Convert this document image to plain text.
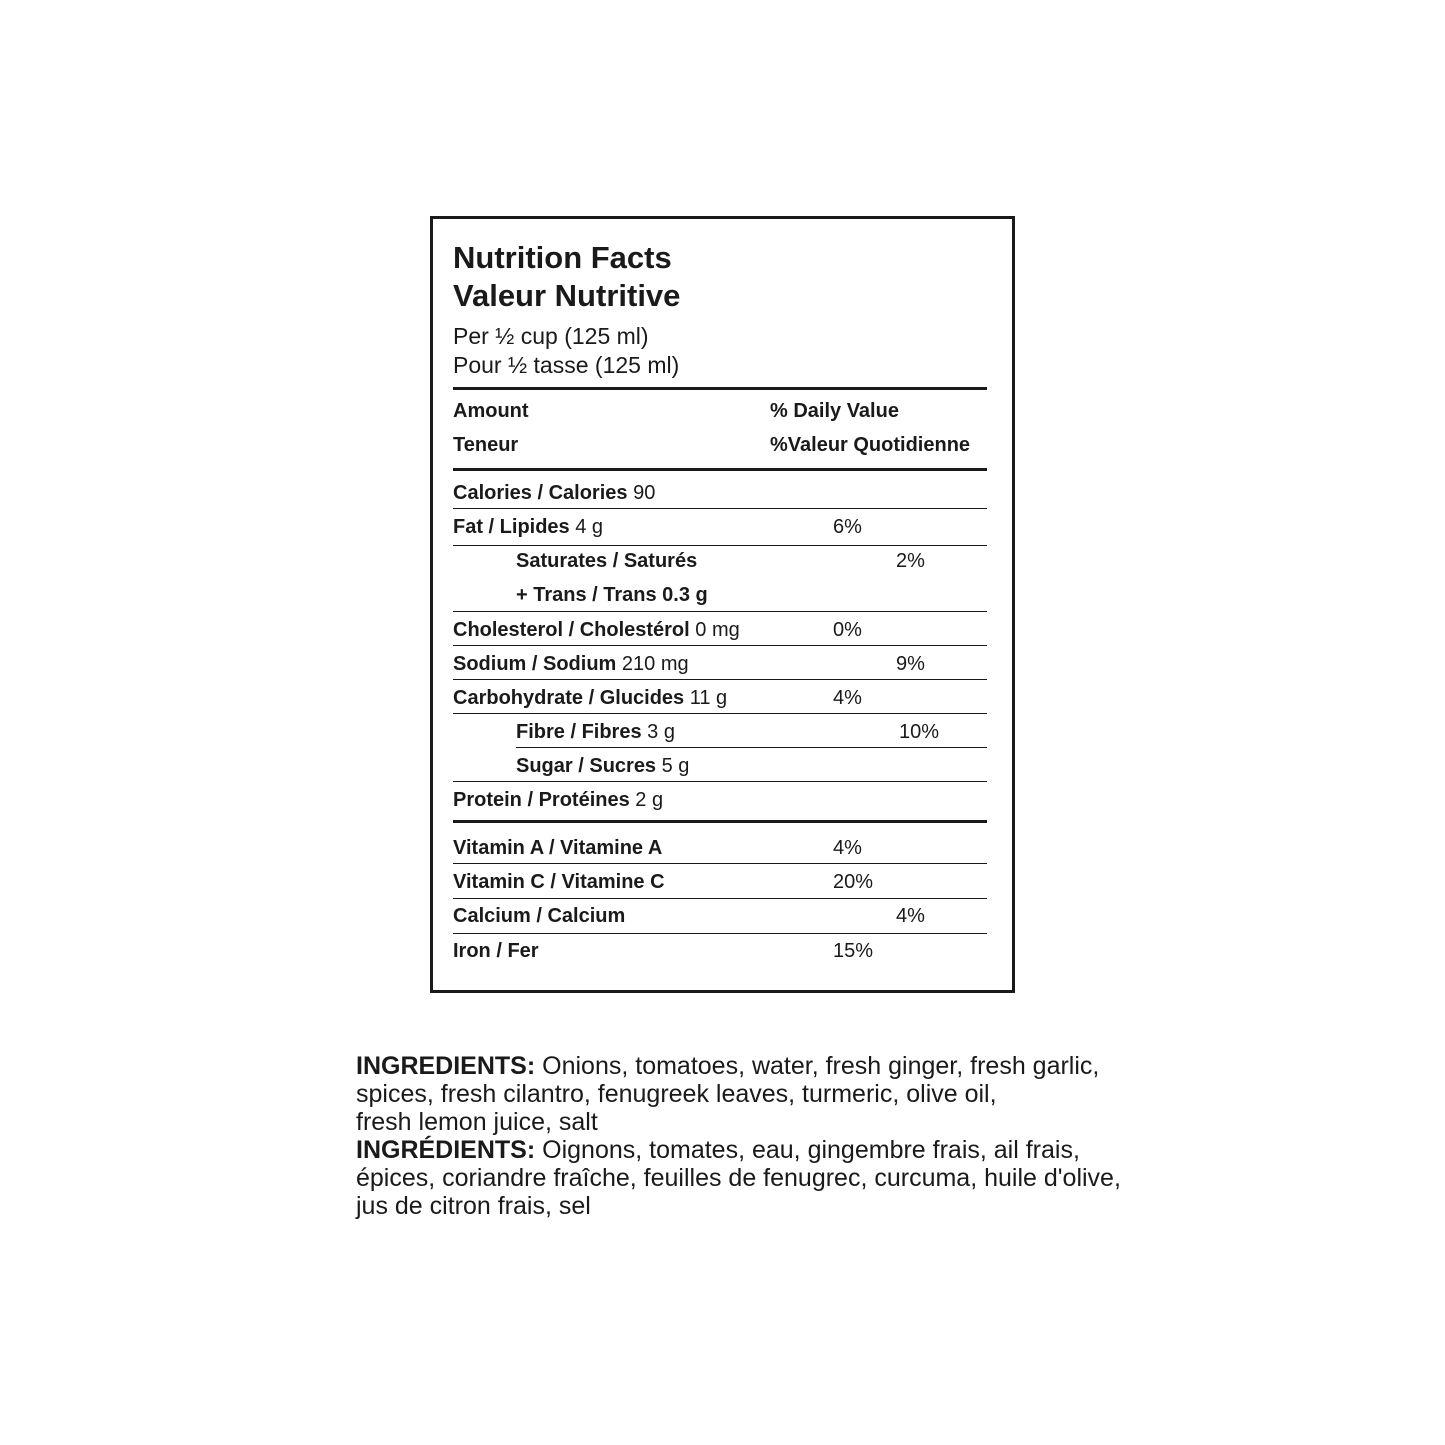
Nutrition Facts
Valeur Nutritive
Per ½ cup (125 ml)
Pour ½ tasse (125 ml)
Amount	% Daily Value
Teneur	%Valeur Quotidienne
Calories / Calories 90
Fat / Lipides 4 g	6%
Saturates / Saturés	2%
+ Trans / Trans 0.3 g
Cholesterol / Cholestérol 0 mg	0%
Sodium / Sodium 210 mg	9%
Carbohydrate / Glucides 11 g	4%
Fibre / Fibres 3 g	10%
Sugar / Sucres 5 g
Protein / Protéines 2 g
Vitamin A / Vitamine A	4%
Vitamin C / Vitamine C	20%
Calcium / Calcium	4%
Iron / Fer	15%

INGREDIENTS: Onions, tomatoes, water, fresh ginger, fresh garlic,

spices, fresh cilantro, fenugreek leaves, turmeric, olive oil,

fresh lemon juice, salt

INGRÉDIENTS: Oignons, tomates, eau, gingembre frais, ail frais,

épices, coriandre fraîche, feuilles de fenugrec, curcuma, huile d'olive,

jus de citron frais, sel
